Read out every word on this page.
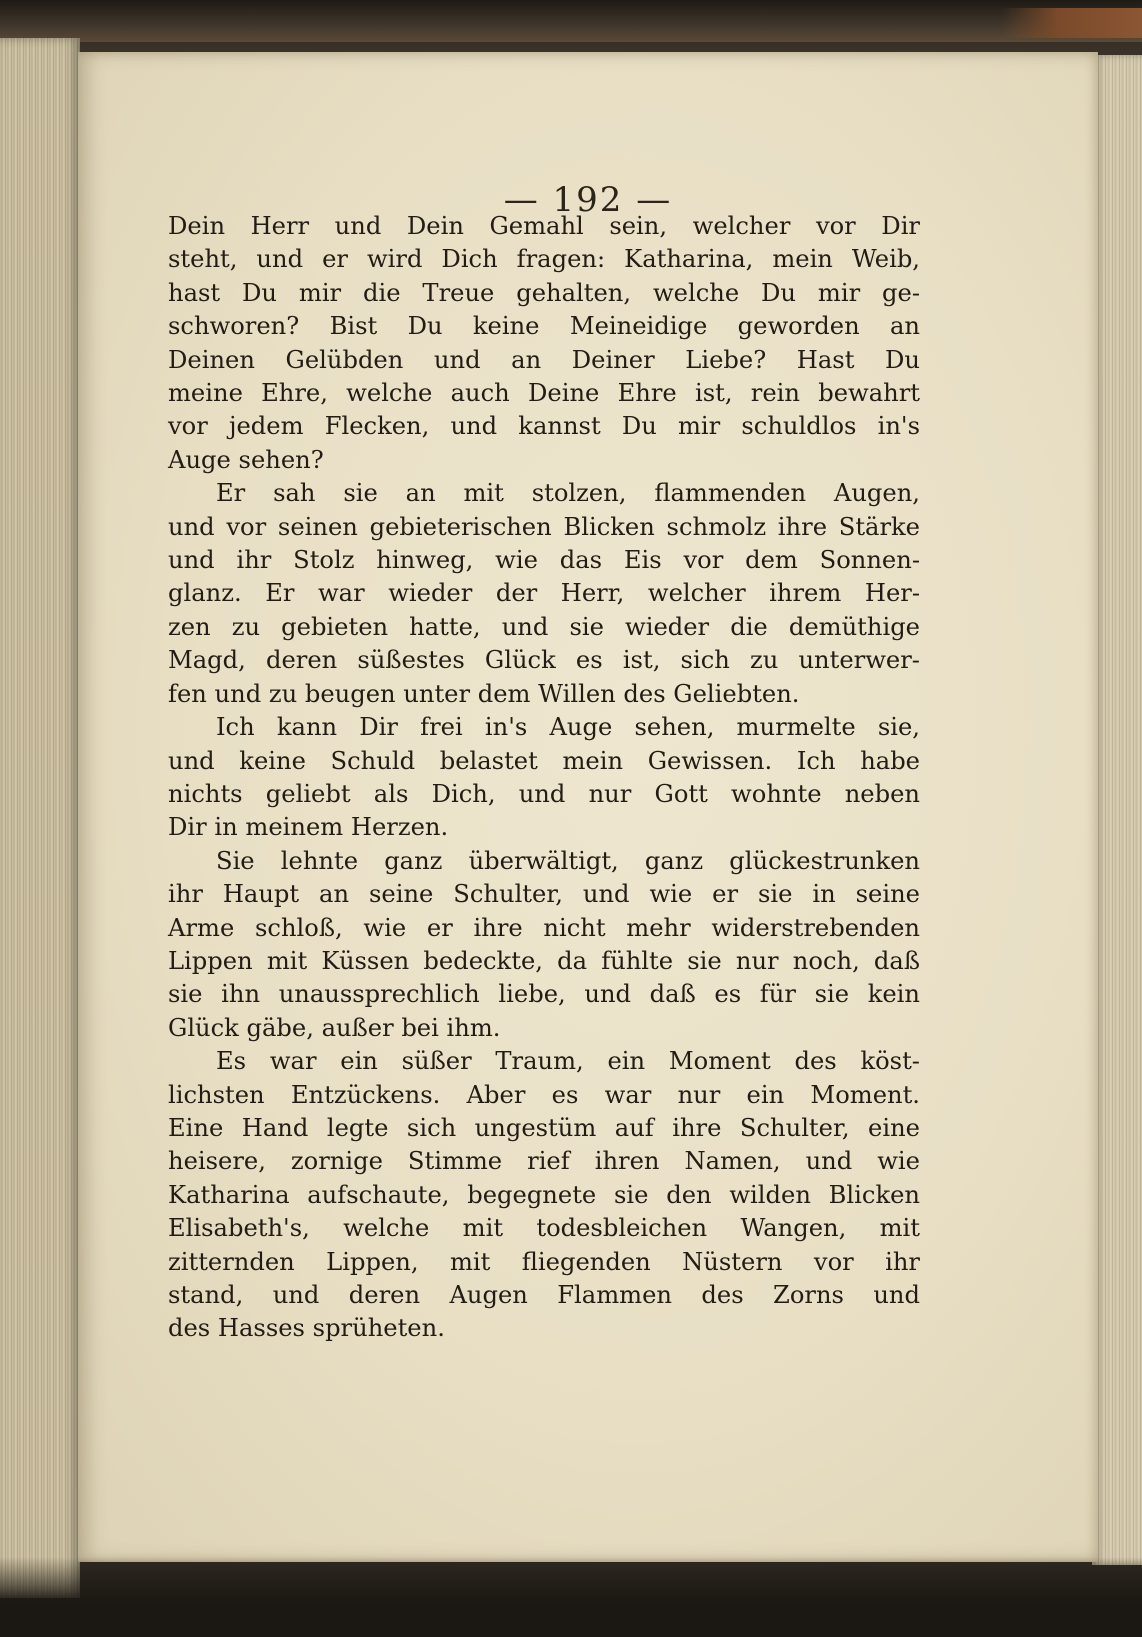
— 192 —

Dein Herr und Dein Gemahl sein, welcher vor Dir
steht, und er wird Dich fragen: Katharina, mein Weib,
hast Du mir die Treue gehalten, welche Du mir ge-
schworen? Bist Du keine Meineidige geworden an
Deinen Gelübden und an Deiner Liebe? Hast Du
meine Ehre, welche auch Deine Ehre ist, rein bewahrt
vor jedem Flecken, und kannst Du mir schuldlos in's
Auge sehen?

Er sah sie an mit stolzen, flammenden Augen,
und vor seinen gebieterischen Blicken schmolz ihre Stärke
und ihr Stolz hinweg, wie das Eis vor dem Sonnen-
glanz. Er war wieder der Herr, welcher ihrem Her-
zen zu gebieten hatte, und sie wieder die demüthige
Magd, deren süßestes Glück es ist, sich zu unterwer-
fen und zu beugen unter dem Willen des Geliebten.

Ich kann Dir frei in's Auge sehen, murmelte sie,
und keine Schuld belastet mein Gewissen. Ich habe
nichts geliebt als Dich, und nur Gott wohnte neben
Dir in meinem Herzen.

Sie lehnte ganz überwältigt, ganz glückestrunken
ihr Haupt an seine Schulter, und wie er sie in seine
Arme schloß, wie er ihre nicht mehr widerstrebenden
Lippen mit Küssen bedeckte, da fühlte sie nur noch, daß
sie ihn unaussprechlich liebe, und daß es für sie kein
Glück gäbe, außer bei ihm.

Es war ein süßer Traum, ein Moment des köst-
lichsten Entzückens. Aber es war nur ein Moment.
Eine Hand legte sich ungestüm auf ihre Schulter, eine
heisere, zornige Stimme rief ihren Namen, und wie
Katharina aufschaute, begegnete sie den wilden Blicken
Elisabeth's, welche mit todesbleichen Wangen, mit
zitternden Lippen, mit fliegenden Nüstern vor ihr
stand, und deren Augen Flammen des Zorns und
des Hasses sprüheten.
